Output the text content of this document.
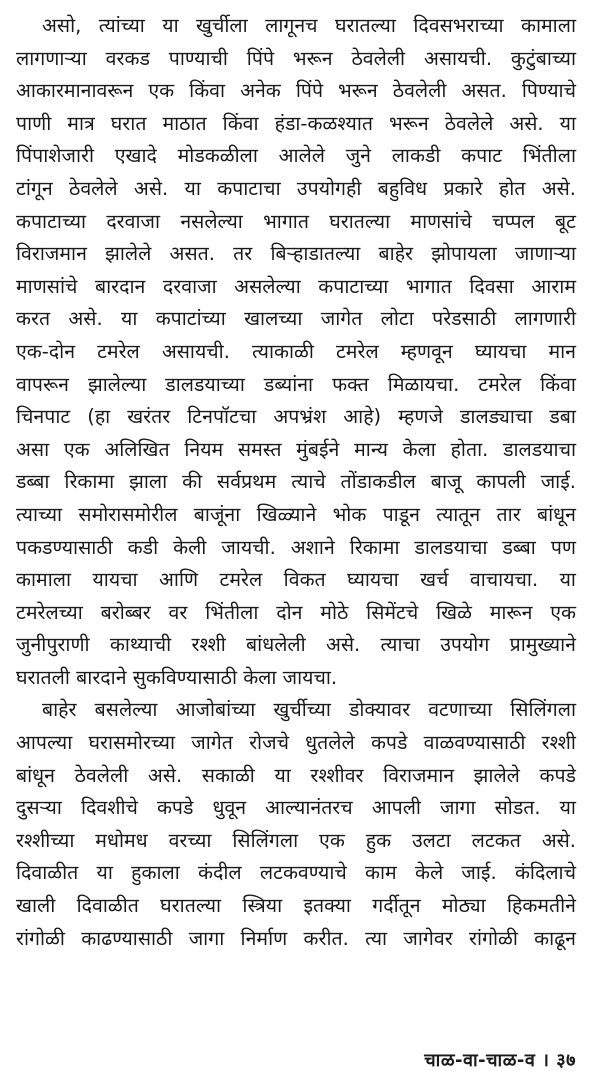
असो, त्यांच्या या खुर्चीला लागूनच घरातल्या दिवसभराच्या कामाला
लागणाऱ्या वरकड पाण्याची पिंपे भरून ठेवलेली असायची. कुटुंबाच्या
आकारमानावरून एक किंवा अनेक पिंपे भरून ठेवलेली असत. पिण्याचे
पाणी मात्र घरात माठात किंवा हंडा-कळश्यात भरून ठेवलेले असे. या
पिंपाशेजारी एखादे मोडकळीला आलेले जुने लाकडी कपाट भिंतीला
टांगून ठेवलेले असे. या कपाटाचा उपयोगही बहुविध प्रकारे होत असे.
कपाटाच्या दरवाजा नसलेल्या भागात घरातल्या माणसांचे चप्पल बूट
विराजमान झालेले असत. तर बिऱ्हाडातल्या बाहेर झोपायला जाणाऱ्या
माणसांचे बारदान दरवाजा असलेल्या कपाटाच्या भागात दिवसा आराम
करत असे. या कपाटांच्या खालच्या जागेत लोटा परेडसाठी लागणारी
एक-दोन टमरेल असायची. त्याकाळी टमरेल म्हणवून घ्यायचा मान
वापरून झालेल्या डालडयाच्या डब्यांना फक्त मिळायचा. टमरेल किंवा
चिनपाट (हा खरंतर टिनपॉटचा अपभ्रंश आहे) म्हणजे डालड्याचा डबा
असा एक अलिखित नियम समस्त मुंबईने मान्य केला होता. डालडयाचा
डब्बा रिकामा झाला की सर्वप्रथम त्याचे तोंडाकडील बाजू कापली जाई.
त्याच्या समोरासमोरील बाजूंना खिळ्याने भोक पाडून त्यातून तार बांधून
पकडण्यासाठी कडी केली जायची. अशाने रिकामा डालडयाचा डब्बा पण
कामाला यायचा आणि टमरेल विकत घ्यायचा खर्च वाचायचा. या
टमरेलच्या बरोब्बर वर भिंतीला दोन मोठे सिमेंटचे खिळे मारून एक
जुनीपुराणी काथ्याची रश्शी बांधलेली असे. त्याचा उपयोग प्रामुख्याने
घरातली बारदाने सुकविण्यासाठी केला जायचा.

बाहेर बसलेल्या आजोबांच्या खुर्चीच्या डोक्यावर वटणाच्या सिलिंगला
आपल्या घरासमोरच्या जागेत रोजचे धुतलेले कपडे वाळवण्यासाठी रश्शी
बांधून ठेवलेली असे. सकाळी या रश्शीवर विराजमान झालेले कपडे
दुसऱ्या दिवशीचे कपडे धुवून आल्यानंतरच आपली जागा सोडत. या
रश्शीच्या मधोमध वरच्या सिलिंगला एक हुक उलटा लटकत असे.
दिवाळीत या हुकाला कंदील लटकवण्याचे काम केले जाई. कंदिलाचे
खाली दिवाळीत घरातल्या स्त्रिया इतक्या गर्दीतून मोठ्या हिकमतीने
रांगोळी काढण्यासाठी जागा निर्माण करीत. त्या जागेवर रांगोळी काढून

चाळ-वा-चाळ-व । ३७
